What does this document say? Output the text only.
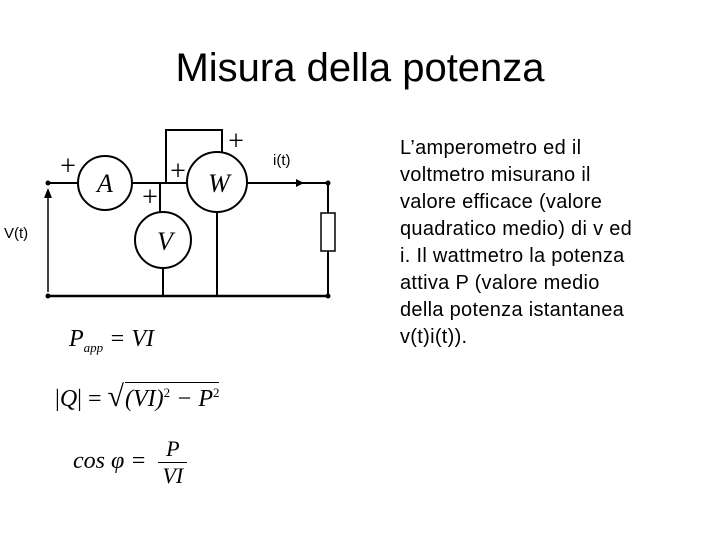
Misura della potenza
A	W
V
+	+
+
+
V(t)
i(t)
$P_{app}$ = VI
$|Q| = √(VI)^2 - P^2$
$\cos \varphi = \frac{P}{VI}$
L’amperometro ed il
voltmetro misurano il
valore efficace (valore
quadratico medio) di v ed
i. Il wattmetro la potenza
attiva P (valore medio
della potenza istantanea
v(t)i(t)).
